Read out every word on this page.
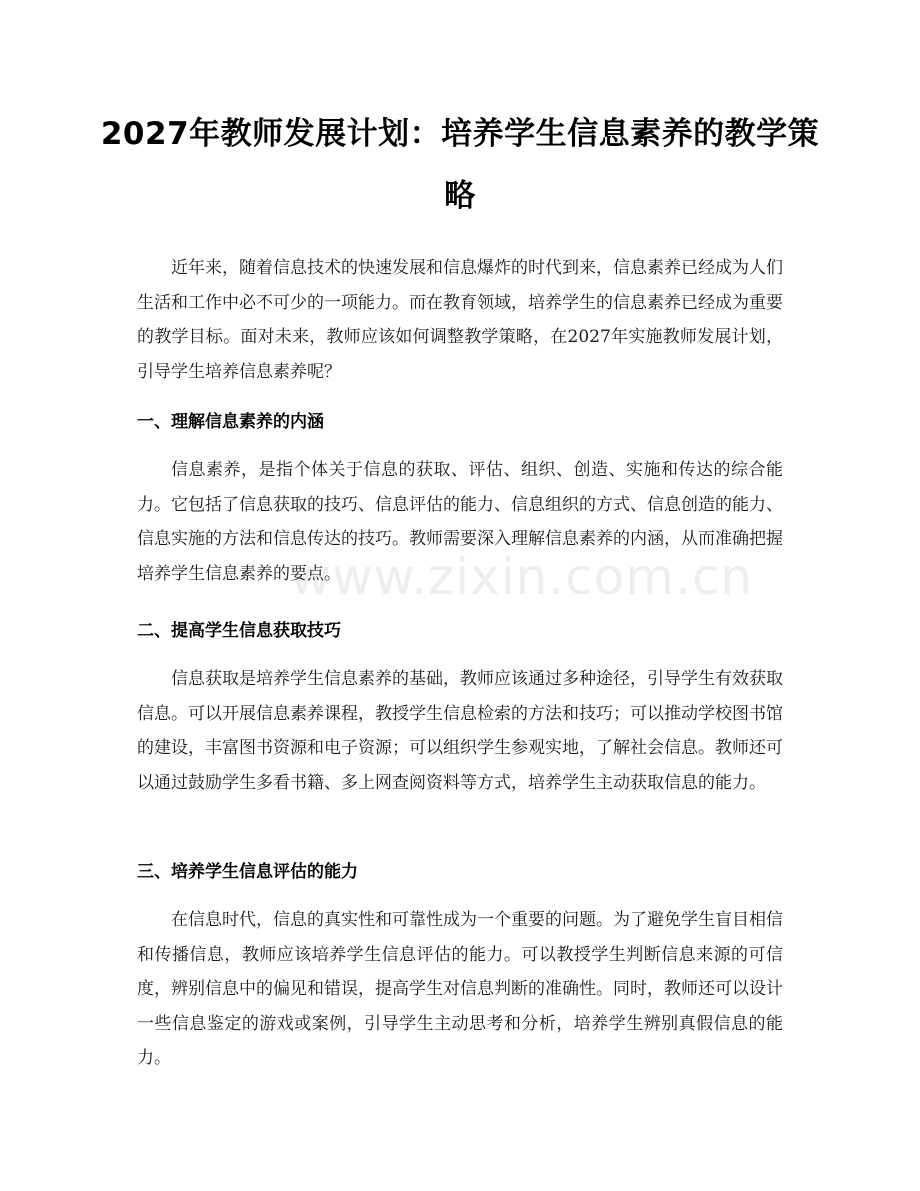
2027年教师发展计划：培养学生信息素养的教学策略

近年来，随着信息技术的快速发展和信息爆炸的时代到来，信息素养已经成为人们生活和工作中必不可少的一项能力。而在教育领域，培养学生的信息素养已经成为重要的教学目标。面对未来，教师应该如何调整教学策略，在2027年实施教师发展计划，引导学生培养信息素养呢？

一、理解信息素养的内涵

信息素养，是指个体关于信息的获取、评估、组织、创造、实施和传达的综合能力。它包括了信息获取的技巧、信息评估的能力、信息组织的方式、信息创造的能力、信息实施的方法和信息传达的技巧。教师需要深入理解信息素养的内涵，从而准确把握培养学生信息素养的要点。

二、提高学生信息获取技巧

信息获取是培养学生信息素养的基础，教师应该通过多种途径，引导学生有效获取信息。可以开展信息素养课程，教授学生信息检索的方法和技巧；可以推动学校图书馆的建设，丰富图书资源和电子资源；可以组织学生参观实地，了解社会信息。教师还可以通过鼓励学生多看书籍、多上网查阅资料等方式，培养学生主动获取信息的能力。

三、培养学生信息评估的能力

在信息时代，信息的真实性和可靠性成为一个重要的问题。为了避免学生盲目相信和传播信息，教师应该培养学生信息评估的能力。可以教授学生判断信息来源的可信度，辨别信息中的偏见和错误，提高学生对信息判断的准确性。同时，教师还可以设计一些信息鉴定的游戏或案例，引导学生主动思考和分析，培养学生辨别真假信息的能力。

www.zixin.com.cn
